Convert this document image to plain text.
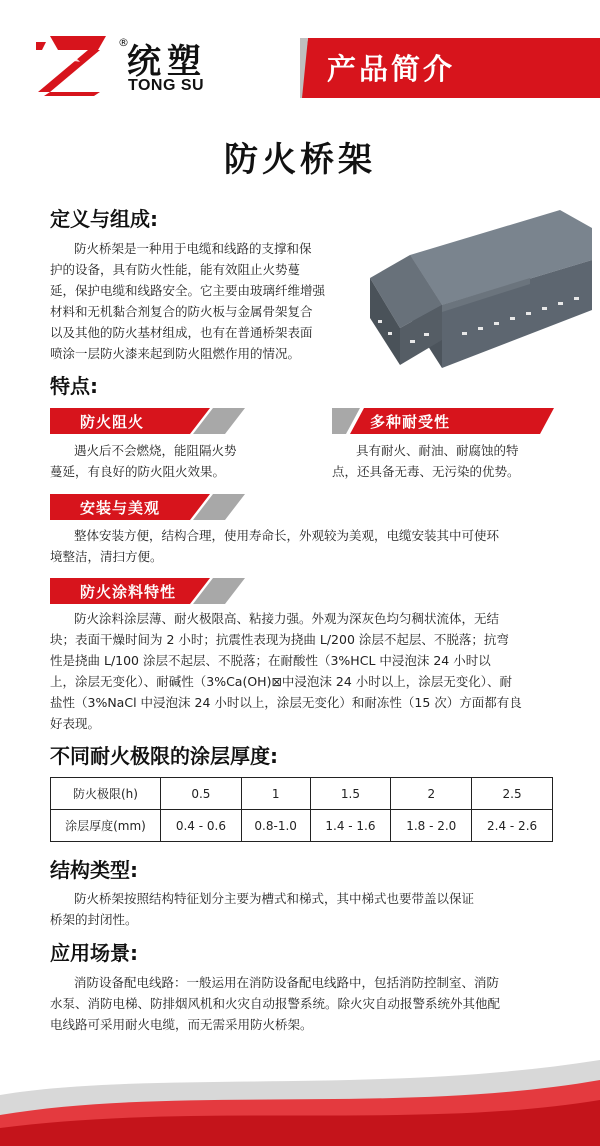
®
统塑
TONG SU	产品简介
防火桥架
定义与组成:
防火桥架是一种用于电缆和线路的支撑和保
护的设备，具有防火性能，能有效阻止火势蔓
延，保护电缆和线路安全。它主要由玻璃纤维增强
材料和无机黏合剂复合的防火板与金属骨架复合
以及其他的防火基材组成，也有在普通桥架表面
喷涂一层防火漆来起到防火阻燃作用的情况。
特点:
防火阻火
遇火后不会燃烧，能阻隔火势
蔓延，有良好的防火阻火效果。
多种耐受性
具有耐火、耐油、耐腐蚀的特
点，还具备无毒、无污染的优势。
安装与美观
整体安装方便，结构合理，使用寿命长，外观较为美观，电缆安装其中可使环
境整洁，清扫方便。
防火涂料特性
防火涂料涂层薄、耐火极限高、粘接力强。外观为深灰色均匀稠状流体，无结
块；表面干燥时间为 2 小时；抗震性表现为挠曲 L/200 涂层不起层、不脱落；抗弯
性是挠曲 L/100 涂层不起层、不脱落；在耐酸性（3%HCL 中浸泡沫 24 小时以
上，涂层无变化）、耐碱性（3%Ca(OH)⊠中浸泡沫 24 小时以上，涂层无变化）、耐
盐性（3%NaCl 中浸泡沫 24 小时以上，涂层无变化）和耐冻性（15 次）方面都有良
好表现。
不同耐火极限的涂层厚度:
防火极限(h)	0.5	1	1.5	2	2.5
涂层厚度(mm)	0.4 - 0.6	0.8-1.0	1.4 - 1.6	1.8 - 2.0	2.4 - 2.6
结构类型:
防火桥架按照结构特征划分主要为槽式和梯式，其中梯式也要带盖以保证
桥架的封闭性。
应用场景:
消防设备配电线路：一般运用在消防设备配电线路中，包括消防控制室、消防
水泵、消防电梯、防排烟风机和火灾自动报警系统。除火灾自动报警系统外其他配
电线路可采用耐火电缆，而无需采用防火桥架。
